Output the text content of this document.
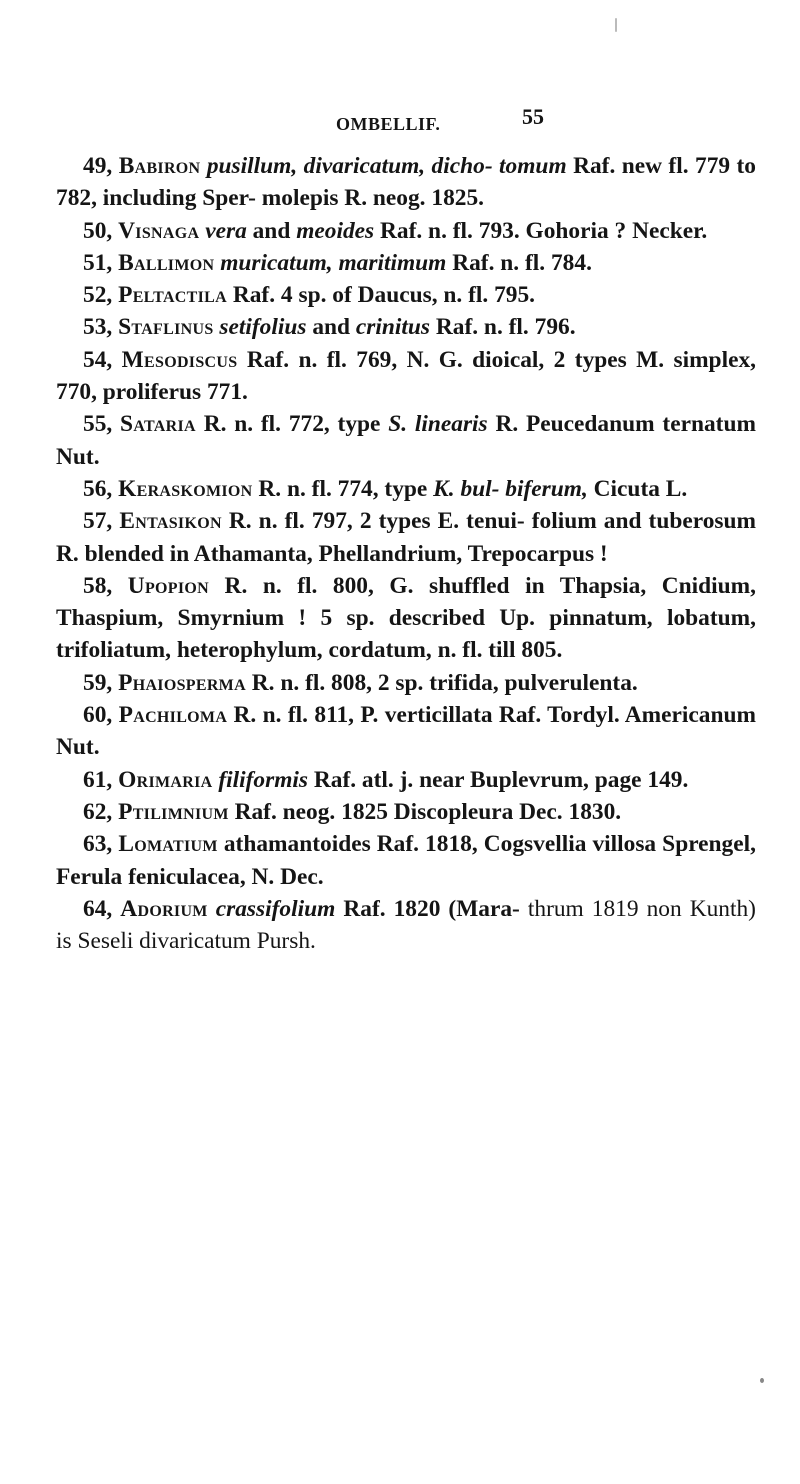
OMBELLIF.	55

49, Babiron pusillum, divaricatum, dicho- tomum Raf. new fl. 779 to 782, including Sper- molepis R. neog. 1825.

50, Visnaga vera and meoides Raf. n. fl. 793. Gohoria ? Necker.

51, Ballimon muricatum, maritimum Raf. n. fl. 784.

52, Peltactila Raf. 4 sp. of Daucus, n. fl. 795.

53, Staflinus setifolius and crinitus Raf. n. fl. 796.

54, Mesodiscus Raf. n. fl. 769, N. G. dioical, 2 types M. simplex, 770, proliferus 771.

55, Sataria R. n. fl. 772, type S. linearis R. Peucedanum ternatum Nut.

56, Keraskomion R. n. fl. 774, type K. bul- biferum, Cicuta L.

57, Entasikon R. n. fl. 797, 2 types E. tenui- folium and tuberosum R. blended in Athamanta, Phellandrium, Trepocarpus !

58, Upopion R. n. fl. 800, G. shuffled in Thapsia, Cnidium, Thaspium, Smyrnium ! 5 sp. described Up. pinnatum, lobatum, trifoliatum, heterophylum, cordatum, n. fl. till 805.

59, Phaiosperma R. n. fl. 808, 2 sp. trifida, pulverulenta.

60, Pachiloma R. n. fl. 811, P. verticillata Raf. Tordyl. Americanum Nut.

61, Orimaria filiformis Raf. atl. j. near Buplevrum, page 149.

62, Ptilimnium Raf. neog. 1825 Discopleura Dec. 1830.

63, Lomatium athamantoides Raf. 1818, Cogsvellia villosa Sprengel, Ferula feniculacea, N. Dec.

64, Adorium crassifolium Raf. 1820 (Mara- thrum 1819 non Kunth) is Seseli divaricatum Pursh.
